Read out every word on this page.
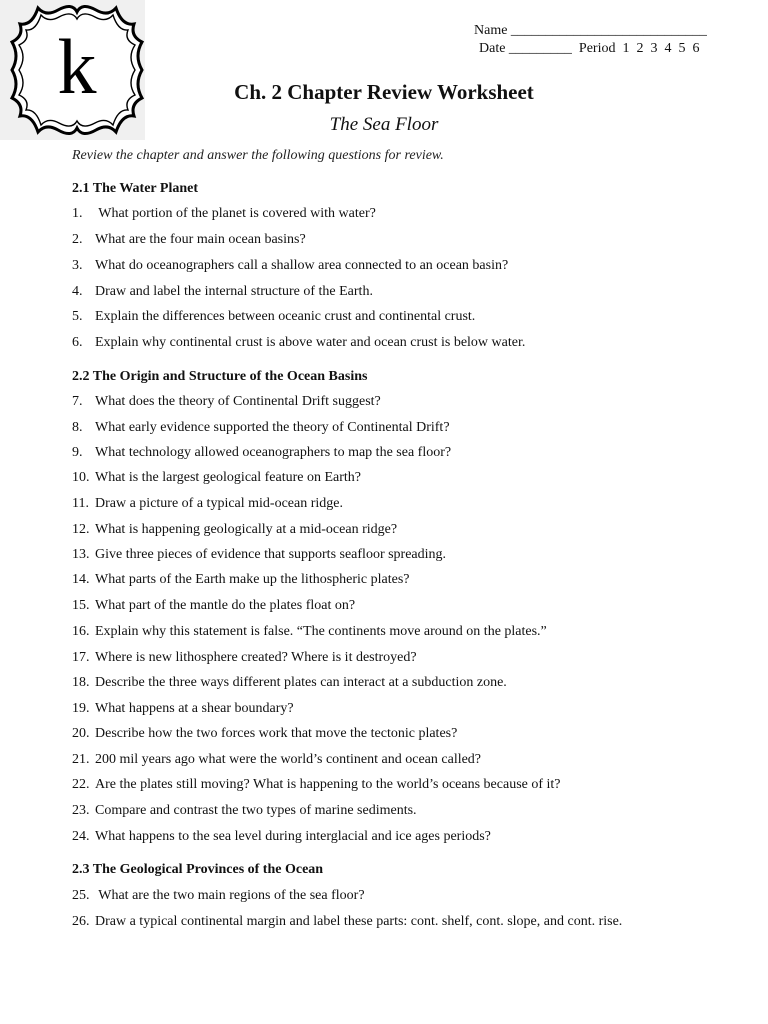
k	Name ____________________________
Date _________  Period  1  2  3  4  5  6
Ch. 2 Chapter Review Worksheet
The Sea Floor
Review the chapter and answer the following questions for review.
2.1 The Water Planet
1. What portion of the planet is covered with water?
2. What are the four main ocean basins?
3. What do oceanographers call a shallow area connected to an ocean basin?
4. Draw and label the internal structure of the Earth.
5. Explain the differences between oceanic crust and continental crust.
6. Explain why continental crust is above water and ocean crust is below water.
2.2 The Origin and Structure of the Ocean Basins
7. What does the theory of Continental Drift suggest?
8. What early evidence supported the theory of Continental Drift?
9. What technology allowed oceanographers to map the sea floor?
10. What is the largest geological feature on Earth?
11. Draw a picture of a typical mid-ocean ridge.
12. What is happening geologically at a mid-ocean ridge?
13. Give three pieces of evidence that supports seafloor spreading.
14. What parts of the Earth make up the lithospheric plates?
15. What part of the mantle do the plates float on?
16. Explain why this statement is false. “The continents move around on the plates.”
17. Where is new lithosphere created? Where is it destroyed?
18. Describe the three ways different plates can interact at a subduction zone.
19. What happens at a shear boundary?
20. Describe how the two forces work that move the tectonic plates?
21. 200 mil years ago what were the world’s continent and ocean called?
22. Are the plates still moving? What is happening to the world’s oceans because of it?
23. Compare and contrast the two types of marine sediments.
24. What happens to the sea level during interglacial and ice ages periods?
2.3 The Geological Provinces of the Ocean
25. What are the two main regions of the sea floor?
26. Draw a typical continental margin and label these parts: cont. shelf, cont. slope, and cont. rise.
